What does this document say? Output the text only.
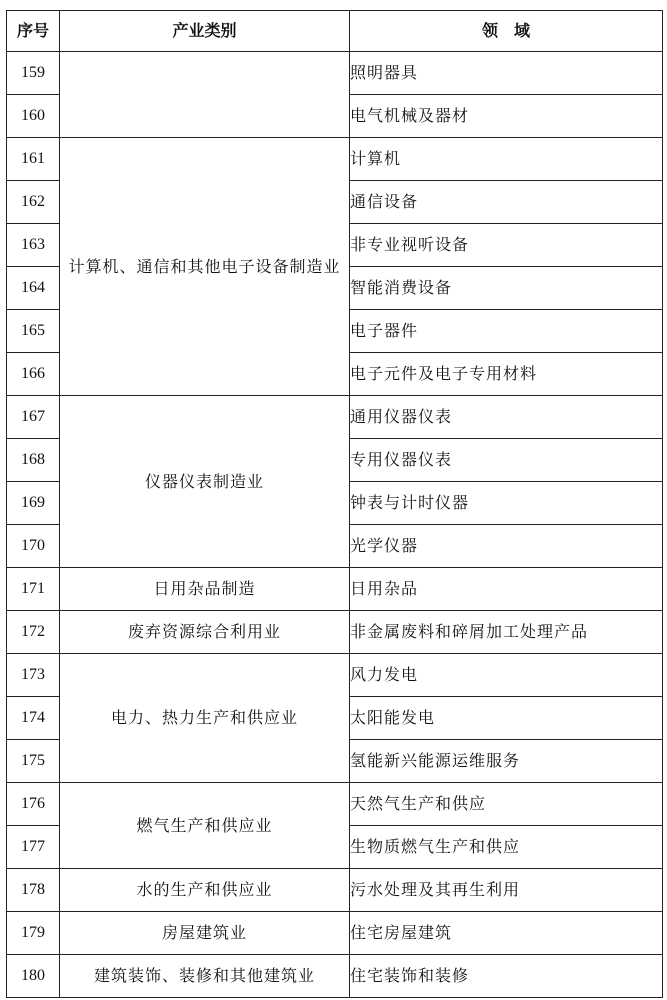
序号	产业类别	领　域
159		照明器具
160		电气机械及器材
161	计算机、通信和其他电子设备制造业	计算机
162		通信设备
163		非专业视听设备
164		智能消费设备
165		电子器件
166		电子元件及电子专用材料
167	仪器仪表制造业	通用仪器仪表
168		专用仪器仪表
169		钟表与计时仪器
170		光学仪器
171	日用杂品制造	日用杂品
172	废弃资源综合利用业	非金属废料和碎屑加工处理产品
173	电力、热力生产和供应业	风力发电
174		太阳能发电
175		氢能新兴能源运维服务
176	燃气生产和供应业	天然气生产和供应
177		生物质燃气生产和供应
178	水的生产和供应业	污水处理及其再生利用
179	房屋建筑业	住宅房屋建筑
180	建筑装饰、装修和其他建筑业	住宅装饰和装修
